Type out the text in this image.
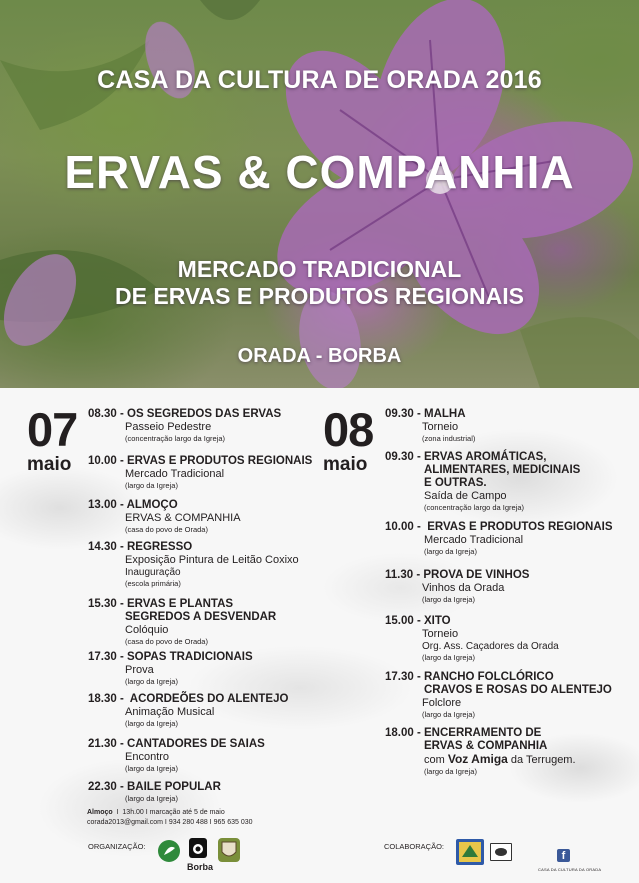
CASA DA CULTURA DE ORADA 2016
ERVAS & COMPANHIA
MERCADO TRADICIONAL
DE ERVAS E PRODUTOS REGIONAIS
ORADA - BORBA
07
maio
08.30 - OS SEGREDOS DAS ERVAS
Passeio Pedestre
(concentração largo da Igreja)
10.00 - ERVAS E PRODUTOS REGIONAIS
Mercado Tradicional
(largo da Igreja)
13.00 - ALMOÇO
ERVAS & COMPANHIA
(casa do povo de Orada)
14.30 - REGRESSO
Exposição Pintura de Leitão Coxixo
Inauguração
(escola primária)
15.30 - ERVAS E PLANTAS
SEGREDOS A DESVENDAR
Colóquio
(casa do povo de Orada)
17.30 - SOPAS TRADICIONAIS
Prova
(largo da Igreja)
18.30 -  ACORDEÕES DO ALENTEJO
Animação Musical
(largo da Igreja)
21.30 - CANTADORES DE SAIAS
Encontro
(largo da Igreja)
22.30 - BAILE POPULAR
(largo da Igreja)
08
maio
09.30 - MALHA
Torneio
(zona industrial)
09.30 - ERVAS AROMÁTICAS,
ALIMENTARES, MEDICINAIS
E OUTRAS.
Saída de Campo
(concentração largo da Igreja)
10.00 -  ERVAS E PRODUTOS REGIONAIS
Mercado Tradicional
(largo da Igreja)
11.30 - PROVA DE VINHOS
Vinhos da Orada
(largo da Igreja)
15.00 - XITO
Torneio
Org. Ass. Caçadores da Orada
(largo da Igreja)
17.30 - RANCHO FOLCLÓRICO
CRAVOS E ROSAS DO ALENTEJO
Folclore
(largo da Igreja)
18.00 - ENCERRAMENTO DE
ERVAS & COMPANHIA
com Voz Amiga da Terrugem.
(largo da Igreja)
Almoço  I  13h.00 I marcação até 5 de maio
corada2013@gmail.com I 934 280 488 I 965 635 030
ORGANIZAÇÃO:
Borba
COLABORAÇÃO:
f
CASA DA CULTURA DA ORADA
